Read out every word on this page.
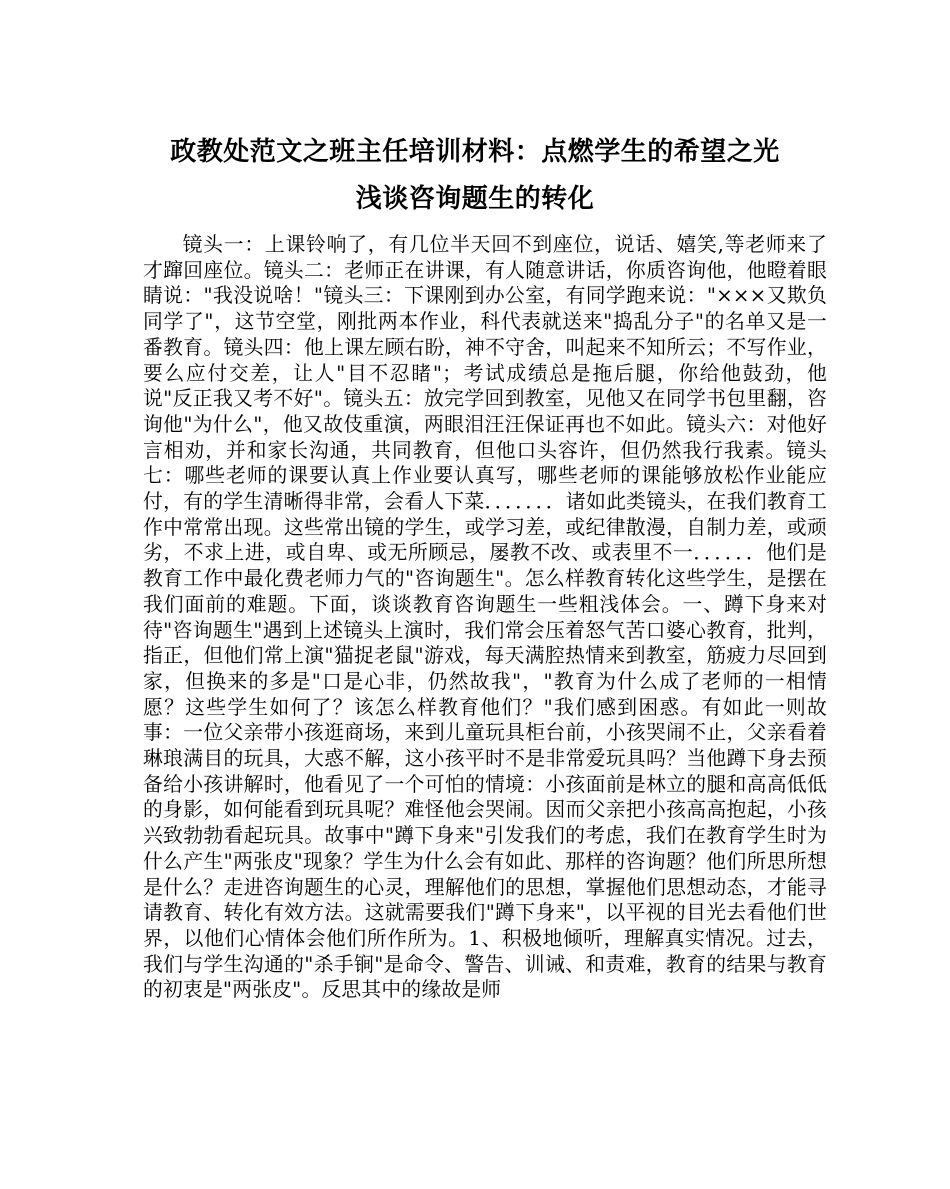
政教处范文之班主任培训材料：点燃学生的希望之光
浅谈咨询题生的转化
镜头一：上课铃响了，有几位半天回不到座位，说话、嬉笑,等老师来了才蹿回座位。镜头二：老师正在讲课，有人随意讲话，你质咨询他，他瞪着眼睛说："我没说啥！"镜头三：下课刚到办公室，有同学跑来说："×××又欺负同学了"，这节空堂，刚批两本作业，科代表就送来"捣乱分子"的名单又是一番教育。镜头四：他上课左顾右盼，神不守舍，叫起来不知所云；不写作业，要么应付交差，让人"目不忍睹"；考试成绩总是拖后腿，你给他鼓劲，他说"反正我又考不好"。镜头五：放完学回到教室，见他又在同学书包里翻，咨询他"为什么"，他又故伎重演，两眼泪汪汪保证再也不如此。镜头六：对他好言相劝，并和家长沟通，共同教育，但他口头容许，但仍然我行我素。镜头七：哪些老师的课要认真上作业要认真写，哪些老师的课能够放松作业能应付，有的学生清晰得非常，会看人下菜．．．．．．．诸如此类镜头，在我们教育工作中常常出现。这些常出镜的学生，或学习差，或纪律散漫，自制力差，或顽劣，不求上进，或自卑、或无所顾忌，屡教不改、或表里不一．．．．．．他们是教育工作中最化费老师力气的"咨询题生"。怎么样教育转化这些学生，是摆在我们面前的难题。下面，谈谈教育咨询题生一些粗浅体会。一、蹲下身来对待"咨询题生"遇到上述镜头上演时，我们常会压着怒气苦口婆心教育，批判，指正，但他们常上演"猫捉老鼠"游戏，每天满腔热情来到教室，筋疲力尽回到家，但换来的多是"口是心非，仍然故我"，"教育为什么成了老师的一相情愿？这些学生如何了？该怎么样教育他们？"我们感到困惑。有如此一则故事：一位父亲带小孩逛商场，来到儿童玩具柜台前，小孩哭闹不止，父亲看着琳琅满目的玩具，大惑不解，这小孩平时不是非常爱玩具吗？当他蹲下身去预备给小孩讲解时，他看见了一个可怕的情境：小孩面前是林立的腿和高高低低的身影，如何能看到玩具呢？难怪他会哭闹。因而父亲把小孩高高抱起，小孩兴致勃勃看起玩具。故事中"蹲下身来"引发我们的考虑，我们在教育学生时为什么产生"两张皮"现象？学生为什么会有如此、那样的咨询题？他们所思所想是什么？走进咨询题生的心灵，理解他们的思想，掌握他们思想动态，才能寻请教育、转化有效方法。这就需要我们"蹲下身来"，以平视的目光去看他们世界，以他们心情体会他们所作所为。1、积极地倾听，理解真实情况。过去，我们与学生沟通的"杀手锏"是命令、警告、训诫、和责难，教育的结果与教育的初衷是"两张皮"。反思其中的缘故是师
